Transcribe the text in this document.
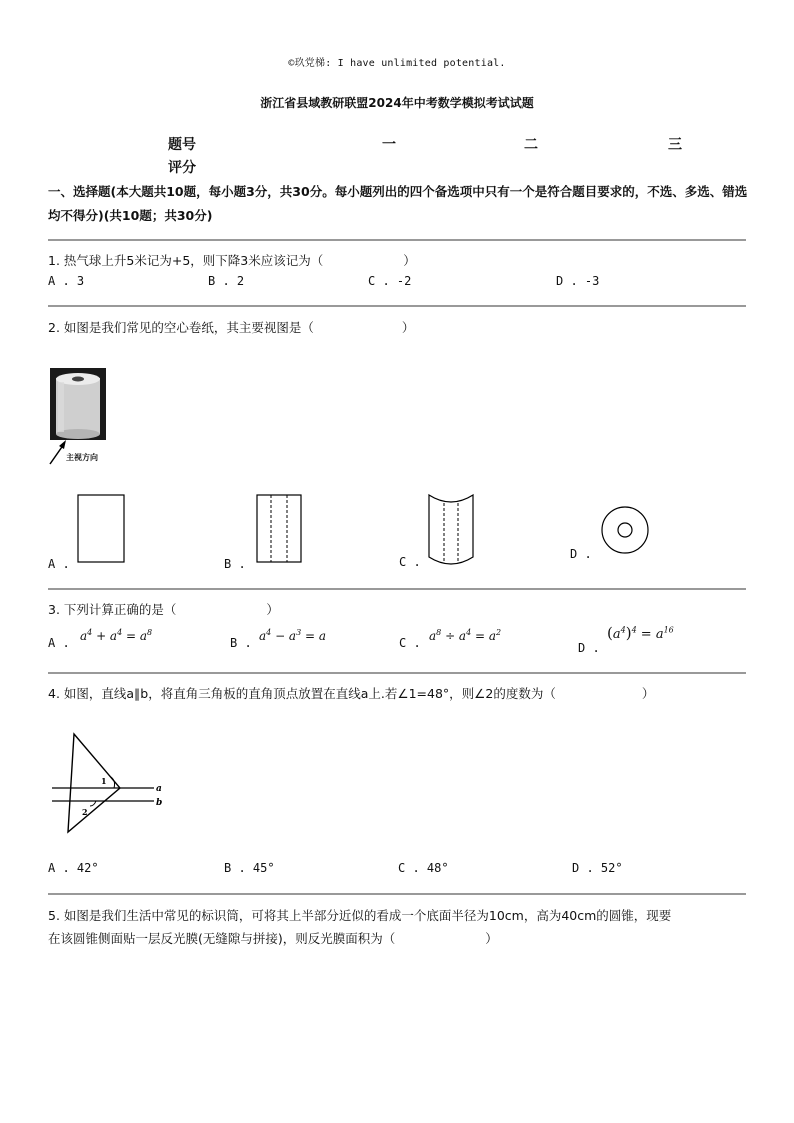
©玖党梯: I have unlimited potential.
浙江省县域教研联盟2024年中考数学模拟考试试题
题号	一	二	三
评分
一、选择题(本大题共10题，每小题3分，共30分。每小题列出的四个备选项中只有一个是符合题目要求的，不选、多选、错选均不得分)(共10题；共30分)
1. 热气球上升5米记为+5，则下降3米应该记为（	）
A . 3	B . 2	C . -2	D . -3
2. 如图是我们常见的空心卷纸，其主要视图是（	）
主视方向
A .	B .	C .
D .
3. 下列计算正确的是（	）
A . $a^4 + a^4 = a^8$
B . $a^4 - a^3 = a$	C . $a^8 \div a^4 = a^2$
D .
$(a^4)^4 = a^{16}$
4. 如图，直线a∥b，将直角三角板的直角顶点放置在直线a上.若∠1=48°，则∠2的度数为（	）
1
2
a
b
A . 42°	B . 45°	C . 48°	D . 52°
5. 如图是我们生活中常见的标识筒，可将其上半部分近似的看成一个底面半径为10cm，高为40cm的圆锥，现要
在该圆锥侧面贴一层反光膜(无缝隙与拼接)，则反光膜面积为（	）
